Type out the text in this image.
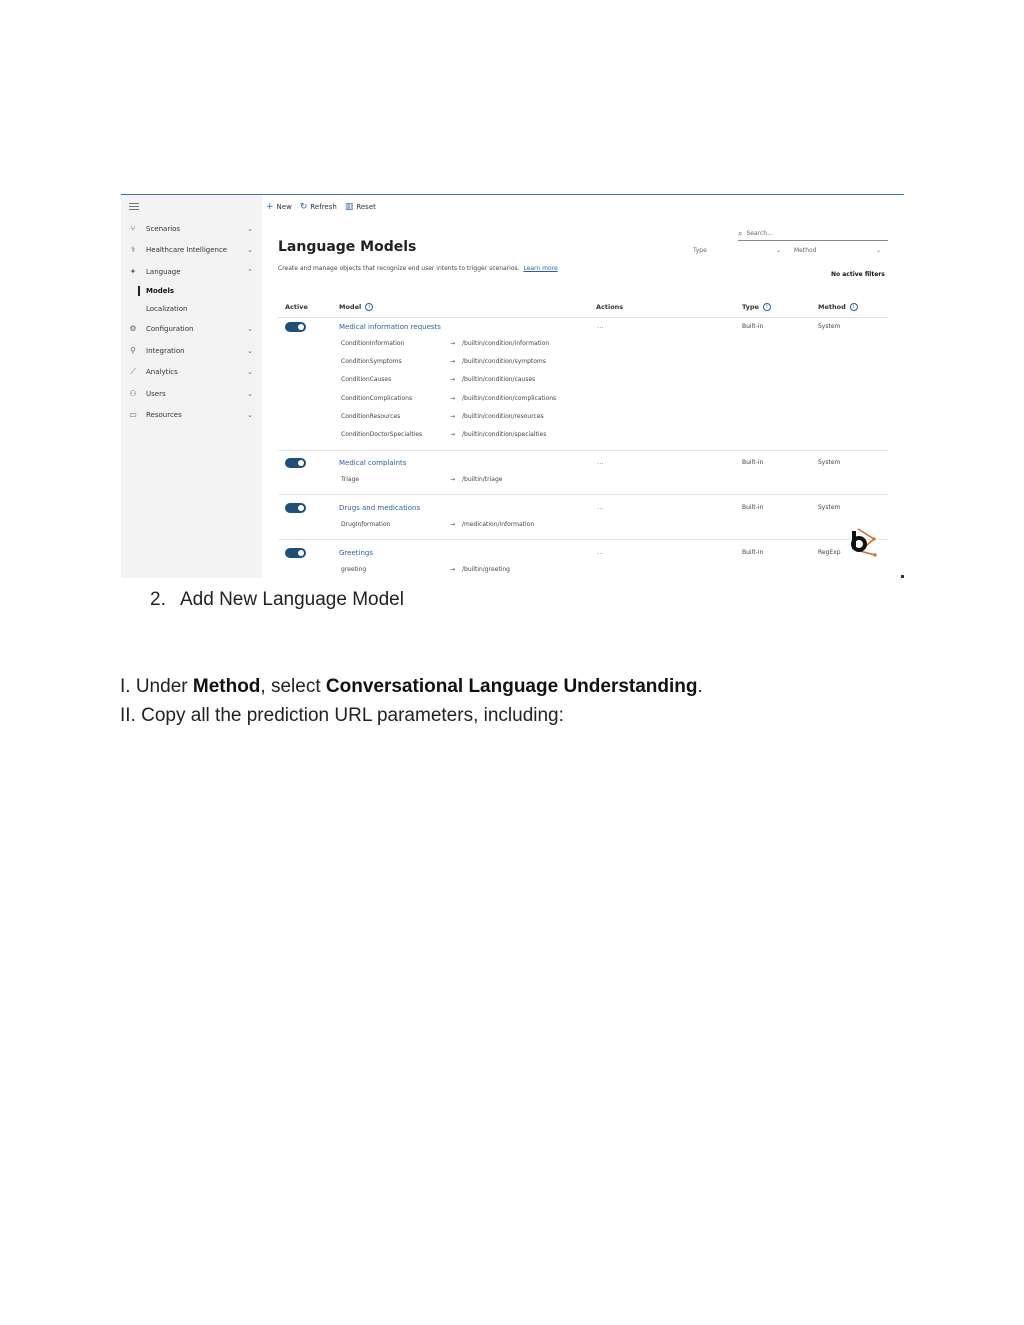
⑂	Scenarios	⌄
⚕	Healthcare Intelligence	⌄
✦ Language	⌃
Models
Localization
⚙ Configuration	⌄
⚲ Integration	⌄
⟋	Analytics	⌄
⚇ Users	⌄
▭ Resources	⌄
+ New ↻ Refresh ▥ Reset
⌕ Search...
Language Models
Create and manage objects that recognize end user intents to trigger scenarios. Learn more
Type	⌄ Method	⌄
No active filters
Active	Model i	Actions	Type i	Method i
Medical information requests	...	Built-in	System
ConditionInformation	→ /builtin/condition/information
ConditionSymptoms	→ /builtin/condition/symptoms
ConditionCauses	→ /builtin/condition/causes
ConditionComplications	→ /builtin/condition/complications
ConditionResources	→ /builtin/condition/resources
ConditionDoctorSpecialties	→ /builtin/condition/specialties
Medical complaints	...	Built-in	System
Triage	→ /builtin/triage
Drugs and medications	...	Built-in	System
DrugInformation	→ /medication/information
Greetings	...	Built-in	RegExp
greeting	→ /builtin/greeting
2. Add New Language Model
I. Under Method, select Conversational Language Understanding.
II. Copy all the prediction URL parameters, including:
